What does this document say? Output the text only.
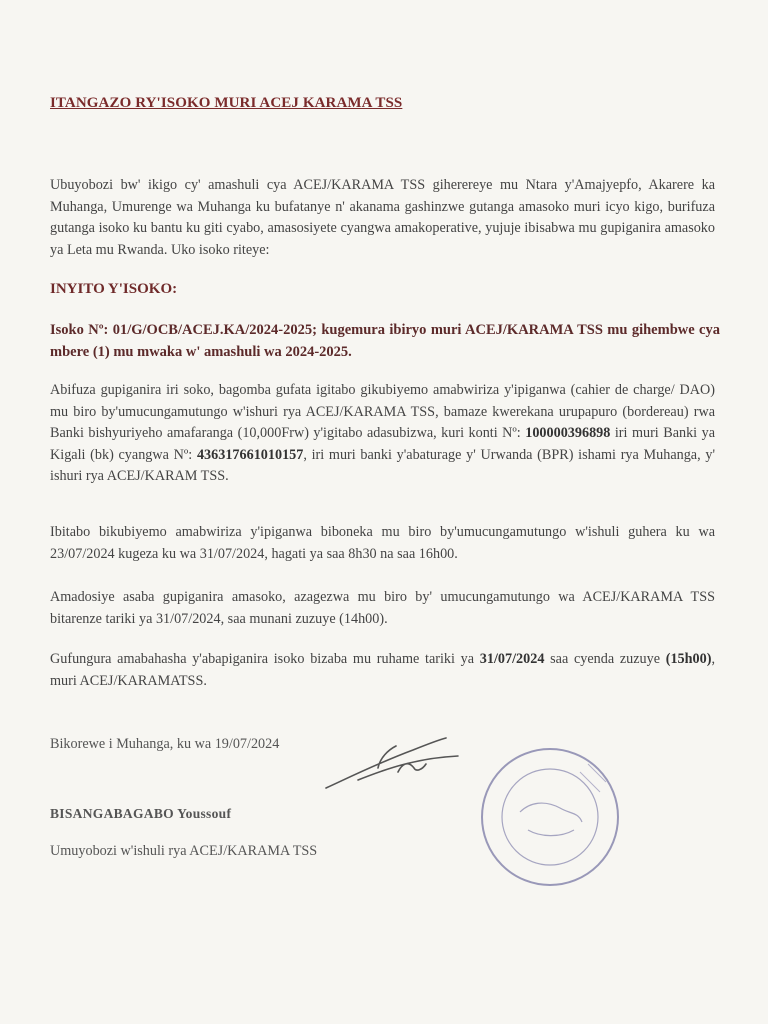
ITANGAZO RY'ISOKO MURI ACEJ KARAMA TSS
Ubuyobozi bw' ikigo cy' amashuli cya ACEJ/KARAMA TSS giherereye mu Ntara y'Amajyepfo, Akarere ka Muhanga, Umurenge wa Muhanga ku bufatanye n' akanama gashinzwe gutanga amasoko muri icyo kigo, burifuza gutanga isoko ku bantu ku giti cyabo, amasosiyete cyangwa amakoperative, yujuje ibisabwa mu gupiganira amasoko ya Leta mu Rwanda. Uko isoko riteye:
INYITO Y'ISOKO:
Isoko Nº: 01/G/OCB/ACEJ.KA/2024-2025; kugemura ibiryo muri ACEJ/KARAMA TSS mu gihembwe cya mbere (1) mu mwaka w' amashuli wa 2024-2025.
Abifuza gupiganira iri soko, bagomba gufata igitabo gikubiyemo amabwiriza y'ipiganwa (cahier de charge/ DAO) mu biro by'umucungamutungo w'ishuri rya ACEJ/KARAMA TSS, bamaze kwerekana urupapuro (bordereau) rwa Banki bishyuriyeho amafaranga (10,000Frw) y'igitabo adasubizwa, kuri konti Nº: 100000396898 iri muri Banki ya Kigali (bk) cyangwa Nº: 436317661010157, iri muri banki y'abaturage y' Urwanda (BPR) ishami rya Muhanga, y' ishuri rya ACEJ/KARAM TSS.
Ibitabo bikubiyemo amabwiriza y'ipiganwa biboneka mu biro by'umucungamutungo w'ishuli guhera ku wa 23/07/2024 kugeza ku wa 31/07/2024, hagati ya saa 8h30 na saa 16h00.
Amadosiye asaba gupiganira amasoko, azagezwa mu biro by' umucungamutungo wa ACEJ/KARAMA TSS bitarenze tariki ya 31/07/2024, saa munani zuzuye (14h00).
Gufungura amabahasha y'abapiganira isoko bizaba mu ruhame tariki ya 31/07/2024 saa cyenda zuzuye (15h00), muri ACEJ/KARAMATSS.
Bikorewe i Muhanga, ku wa 19/07/2024
BISANGABAGABO Youssouf
Umuyobozi w'ishuli rya ACEJ/KARAMA TSS
